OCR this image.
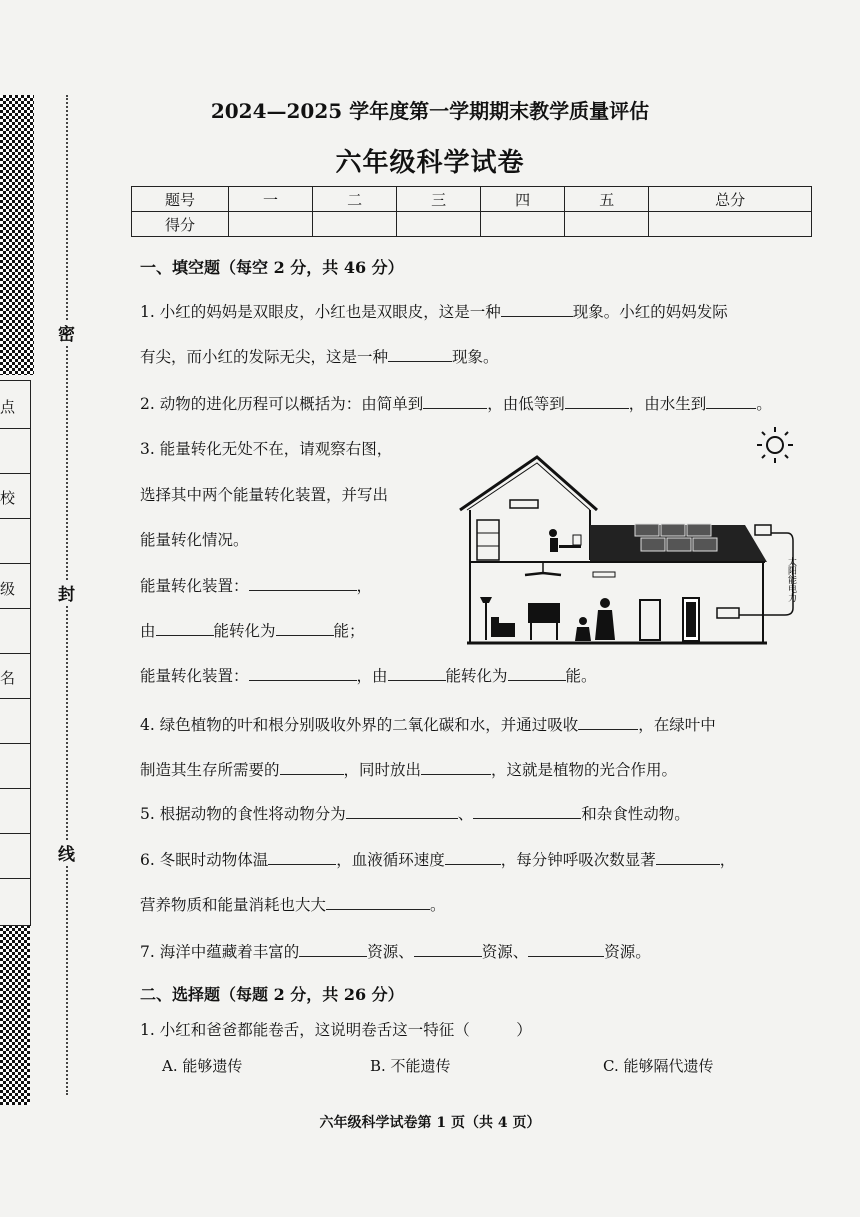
点
校
级
名
密
封
线
2024—2025 学年度第一学期期末教学质量评估
六年级科学试卷
题号	一	二	三	四	五	总分
得分						
一、填空题（每空 2 分，共 46 分）
1. 小红的妈妈是双眼皮，小红也是双眼皮，这是一种	现象。小红的妈妈发际
有尖，而小红的发际无尖，这是一种	现象。
2. 动物的进化历程可以概括为：由简单到	，由低等到	，由水生到	。
3. 能量转化无处不在，请观察右图，
选择其中两个能量转化装置，并写出
能量转化情况。
能量转化装置：	，
由	能转化为	能；
能量转化装置：	，由	能转化为	能。
太阳能电力
4. 绿色植物的叶和根分别吸收外界的二氧化碳和水，并通过吸收	，在绿叶中
制造其生存所需要的	，同时放出	，这就是植物的光合作用。
5. 根据动物的食性将动物分为	、	和杂食性动物。
6. 冬眠时动物体温	，血液循环速度	，每分钟呼吸次数显著	，
营养物质和能量消耗也大大	。
7. 海洋中蕴藏着丰富的	资源、	资源、	资源。
二、选择题（每题 2 分，共 26 分）
1. 小红和爸爸都能卷舌，这说明卷舌这一特征（　　　）
A. 能够遗传	B. 不能遗传	C. 能够隔代遗传
六年级科学试卷第 1 页（共 4 页）
